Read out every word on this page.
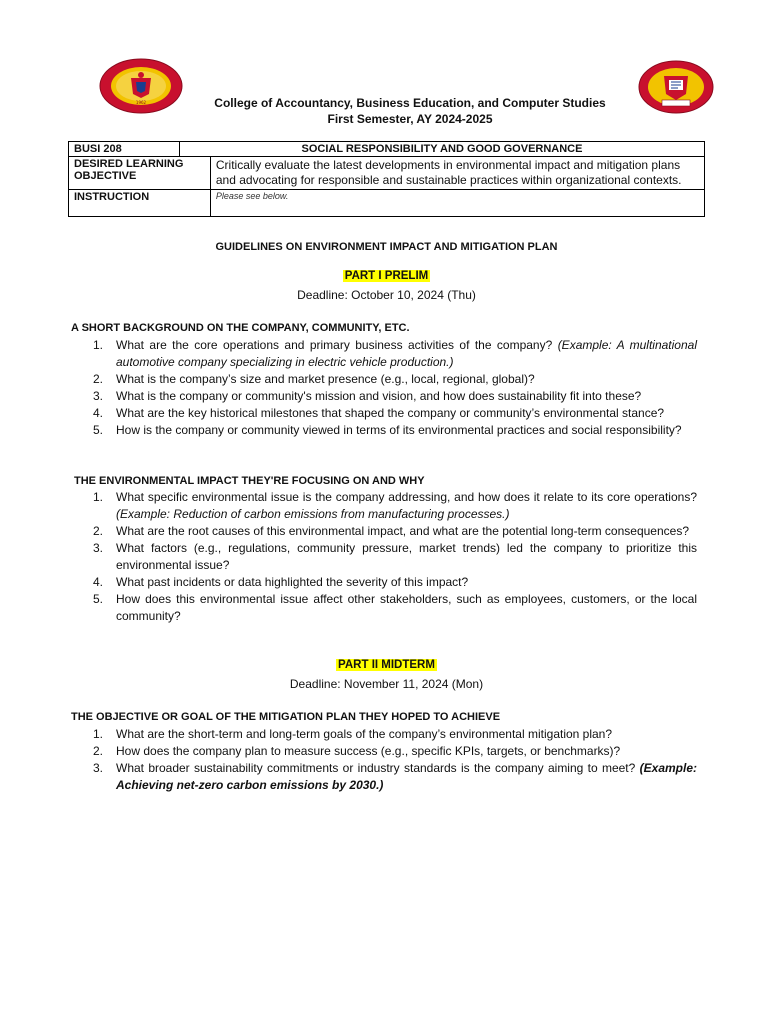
1962	College of Accountancy, Business Education, and Computer Studies
First Semester, AY 2024-2025
BUSI 208	SOCIAL RESPONSIBILITY AND GOOD GOVERNANCE	
DESIRED LEARNING OBJECTIVE		Critically evaluate the latest developments in environmental impact and mitigation plans and advocating for responsible and sustainable practices within organizational contexts.
INSTRUCTION		Please see below.
GUIDELINES ON ENVIRONMENT IMPACT AND MITIGATION PLAN
PART I PRELIM
Deadline: October 10, 2024 (Thu)
A SHORT BACKGROUND ON THE COMPANY, COMMUNITY, ETC.
1. What are the core operations and primary business activities of the company? (Example: A multinational automotive company specializing in electric vehicle production.)
2. What is the company’s size and market presence (e.g., local, regional, global)?
3. What is the company or community's mission and vision, and how does sustainability fit into these?
4. What are the key historical milestones that shaped the company or community’s environmental stance?
5. How is the company or community viewed in terms of its environmental practices and social responsibility?
THE ENVIRONMENTAL IMPACT THEY'RE FOCUSING ON AND WHY
1. What specific environmental issue is the company addressing, and how does it relate to its core operations? (Example: Reduction of carbon emissions from manufacturing processes.)
2. What are the root causes of this environmental impact, and what are the potential long-term consequences?
3. What factors (e.g., regulations, community pressure, market trends) led the company to prioritize this environmental issue?
4. What past incidents or data highlighted the severity of this impact?
5. How does this environmental issue affect other stakeholders, such as employees, customers, or the local community?
PART II MIDTERM
Deadline: November 11, 2024 (Mon)
THE OBJECTIVE OR GOAL OF THE MITIGATION PLAN THEY HOPED TO ACHIEVE
1. What are the short-term and long-term goals of the company’s environmental mitigation plan?
2. How does the company plan to measure success (e.g., specific KPIs, targets, or benchmarks)?
3. What broader sustainability commitments or industry standards is the company aiming to meet? (Example: Achieving net-zero carbon emissions by 2030.)
